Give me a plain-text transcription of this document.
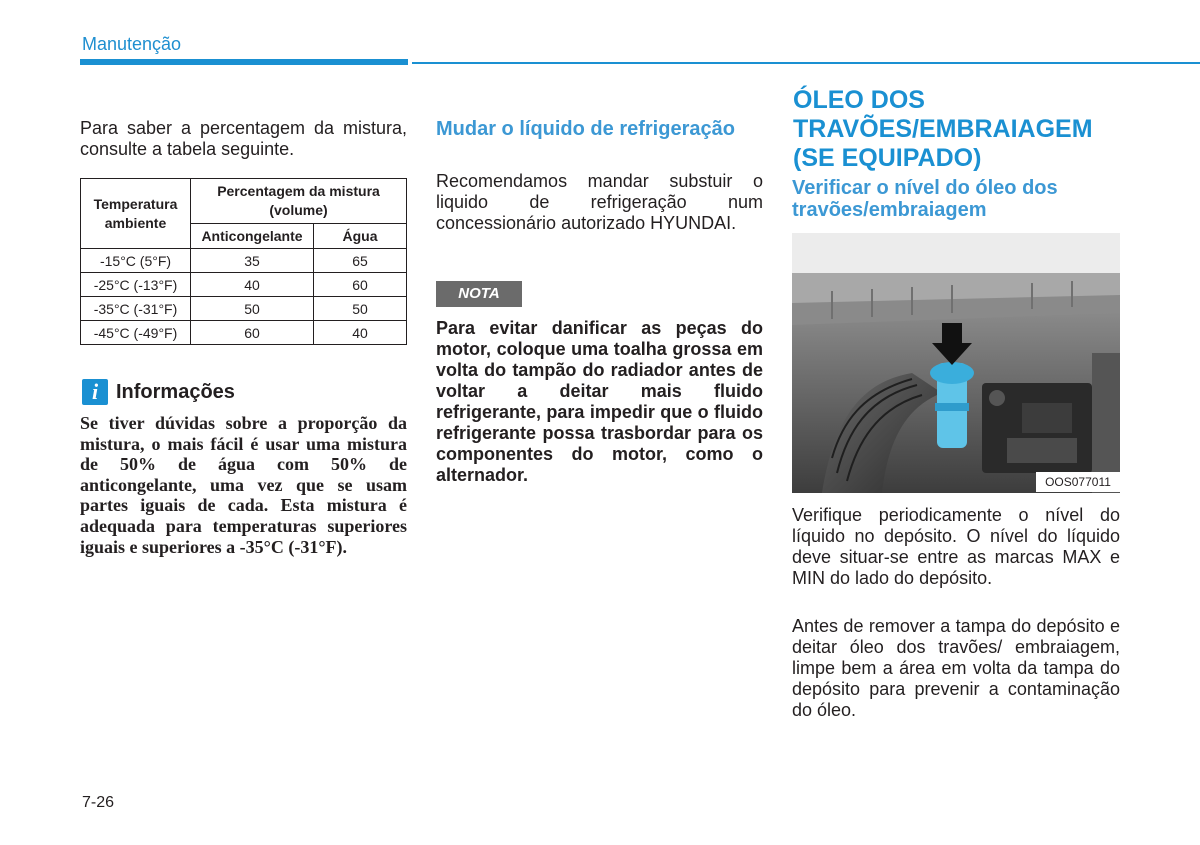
Manutenção
Para saber a percentagem da mistura, consulte a tabela seguinte.
Temperatura ambiente	Percentagem da mistura (volume)	
	Anticongelante	Água
-15°C (5°F)	35	65
-25°C (-13°F)	40	60
-35°C (-31°F)	50	50
-45°C (-49°F)	60	40
i Informações
Se tiver dúvidas sobre a proporção da mistura, o mais fácil é usar uma mistura de 50% de água com 50% de anticongelante, uma vez que se usam partes iguais de cada. Esta mistura é adequada para temperaturas superiores iguais e superiores a -35°C (-31°F).
Mudar o líquido de refrigeração
Recomendamos mandar substuir o liquido de refrigeração num concessionário autorizado HYUNDAI.
NOTA
Para evitar danificar as peças do motor, coloque uma toalha grossa em volta do tampão do radiador antes de voltar a deitar mais fluido refrigerante, para impedir que o fluido refrigerante possa trasbordar para os componentes do motor, como o alternador.
ÓLEO DOS TRAVÕES/EMBRAIAGEM (SE EQUIPADO)
Verificar o nível do óleo dos travões/embraiagem
OOS077011
Verifique periodicamente o nível do líquido no depósito. O nível do líquido deve situar-se entre as marcas MAX e MIN do lado do depósito.
Antes de remover a tampa do depósito e deitar óleo dos travões/ embraiagem, limpe bem a área em volta da tampa do depósito para prevenir a contaminação do óleo.
7-26
